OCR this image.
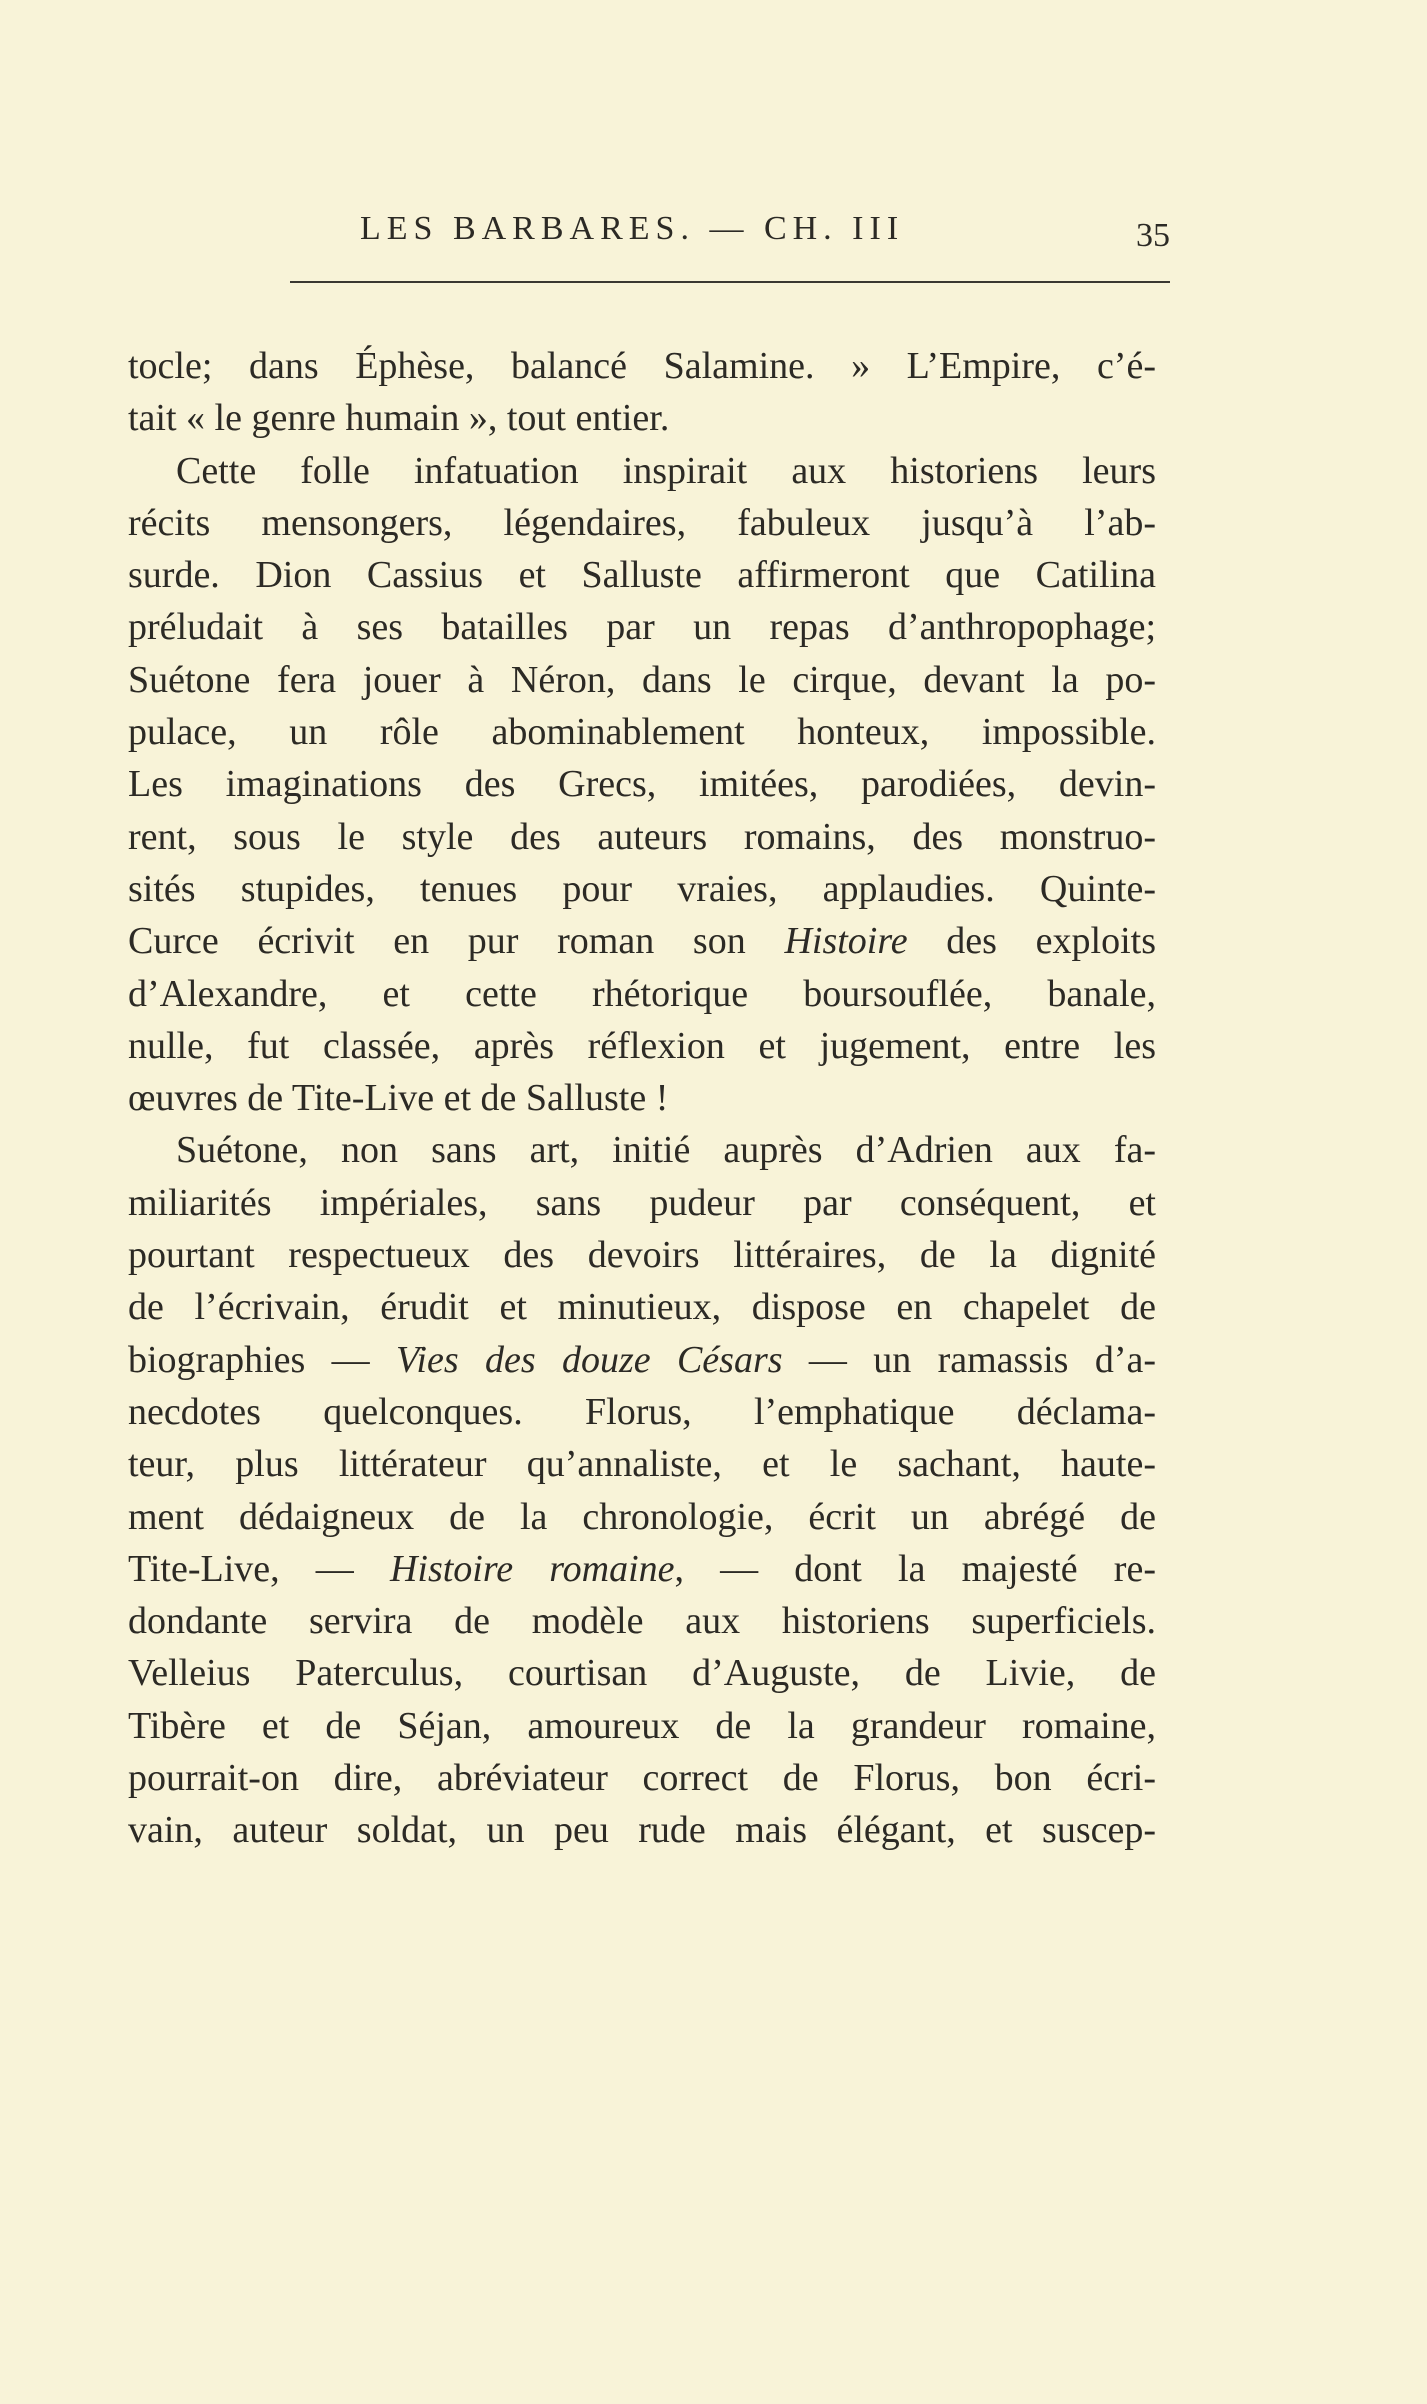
LES BARBARES. — CH. III	35
tocle; dans Éphèse, balancé Salamine. » L’Empire, c’é-
tait « le genre humain », tout entier.
Cette folle infatuation inspirait aux historiens leurs
récits mensongers, légendaires, fabuleux jusqu’à l’ab-
surde. Dion Cassius et Salluste affirmeront que Catilina
préludait à ses batailles par un repas d’anthropophage;
Suétone fera jouer à Néron, dans le cirque, devant la po-
pulace, un rôle abominablement honteux, impossible.
Les imaginations des Grecs, imitées, parodiées, devin-
rent, sous le style des auteurs romains, des monstruo-
sités stupides, tenues pour vraies, applaudies. Quinte-
Curce écrivit en pur roman son Histoire des exploits
d’Alexandre, et cette rhétorique boursouflée, banale,
nulle, fut classée, après réflexion et jugement, entre les
œuvres de Tite-Live et de Salluste !
Suétone, non sans art, initié auprès d’Adrien aux fa-
miliarités impériales, sans pudeur par conséquent, et
pourtant respectueux des devoirs littéraires, de la dignité
de l’écrivain, érudit et minutieux, dispose en chapelet de
biographies — Vies des douze Césars — un ramassis d’a-
necdotes quelconques. Florus, l’emphatique déclama-
teur, plus littérateur qu’annaliste, et le sachant, haute-
ment dédaigneux de la chronologie, écrit un abrégé de
Tite-Live, — Histoire romaine, — dont la majesté re-
dondante servira de modèle aux historiens superficiels.
Velleius Paterculus, courtisan d’Auguste, de Livie, de
Tibère et de Séjan, amoureux de la grandeur romaine,
pourrait-on dire, abréviateur correct de Florus, bon écri-
vain, auteur soldat, un peu rude mais élégant, et suscep-
